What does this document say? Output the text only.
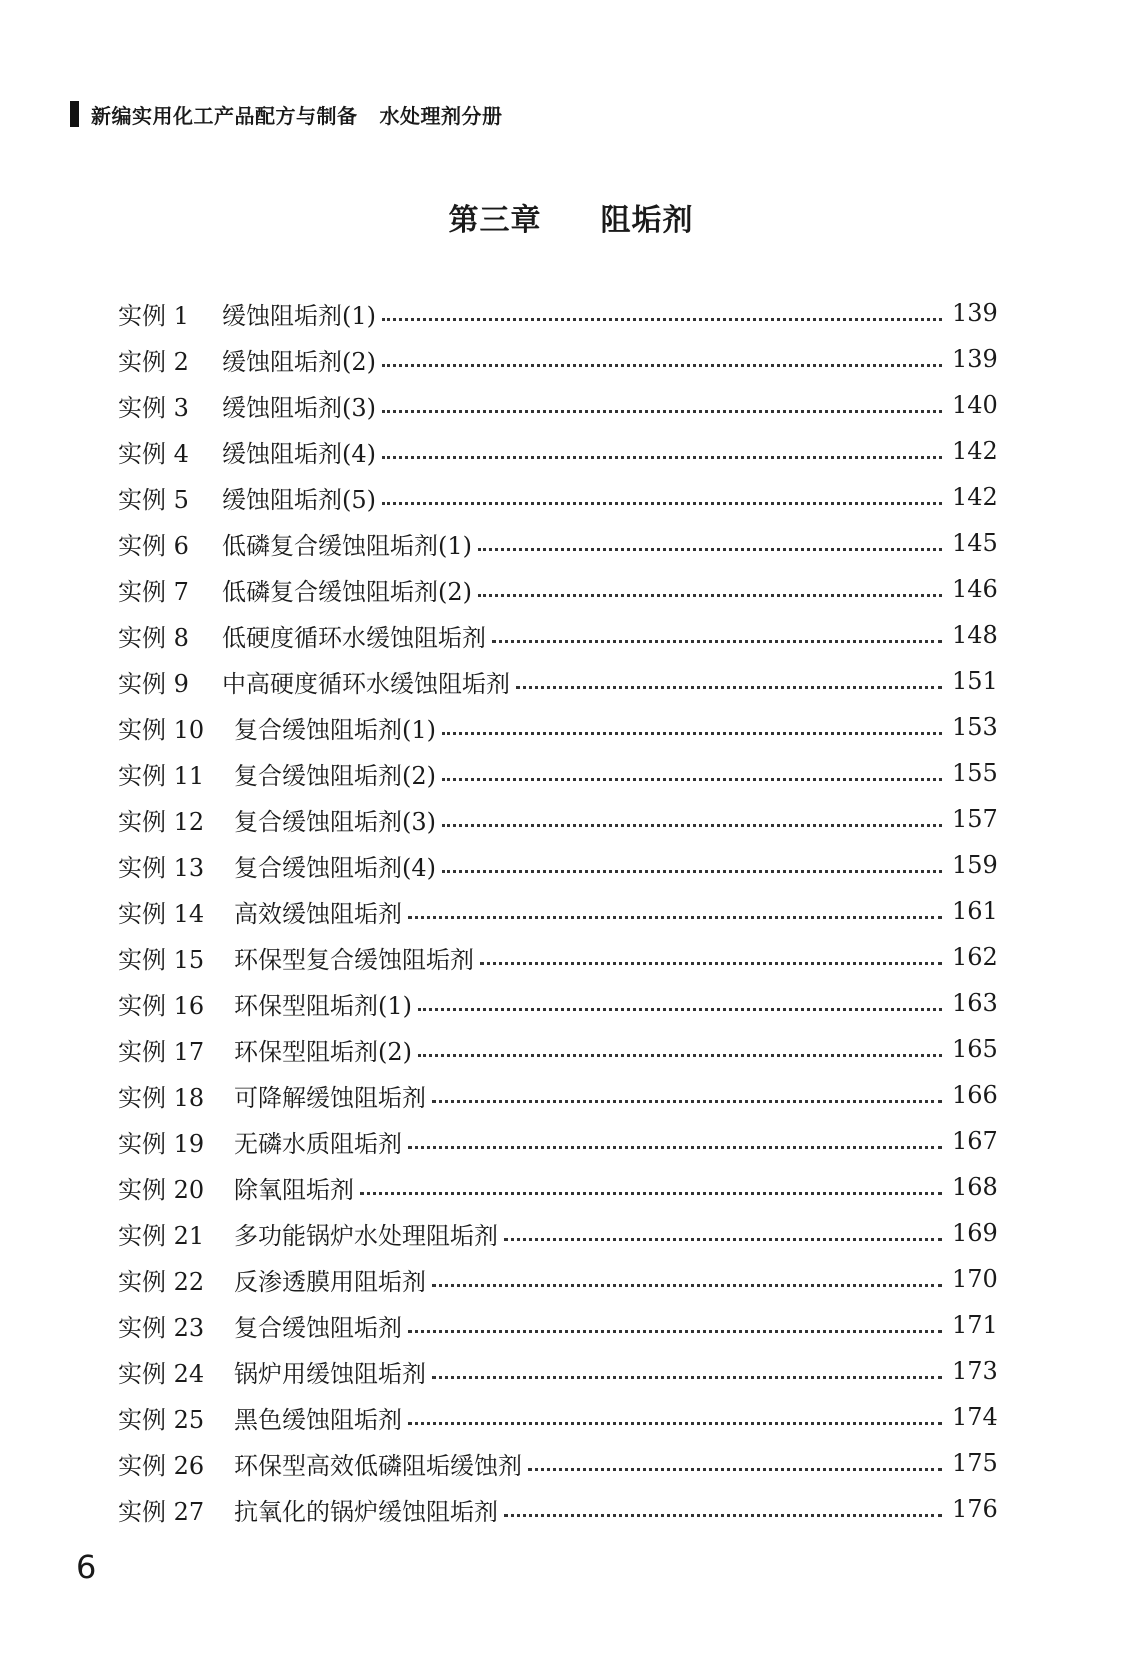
新编实用化工产品配方与制备 水处理剂分册
第三章 阻垢剂
实例 1	缓蚀阻垢剂(1)	139
实例 2	缓蚀阻垢剂(2)	139
实例 3	缓蚀阻垢剂(3)	140
实例 4	缓蚀阻垢剂(4)	142
实例 5	缓蚀阻垢剂(5)	142
实例 6	低磷复合缓蚀阻垢剂(1)	145
实例 7	低磷复合缓蚀阻垢剂(2)	146
实例 8	低硬度循环水缓蚀阻垢剂	148
实例 9	中高硬度循环水缓蚀阻垢剂	151
实例 10	复合缓蚀阻垢剂(1)	153
实例 11	复合缓蚀阻垢剂(2)	155
实例 12	复合缓蚀阻垢剂(3)	157
实例 13	复合缓蚀阻垢剂(4)	159
实例 14	高效缓蚀阻垢剂	161
实例 15	环保型复合缓蚀阻垢剂	162
实例 16	环保型阻垢剂(1)	163
实例 17	环保型阻垢剂(2)	165
实例 18	可降解缓蚀阻垢剂	166
实例 19	无磷水质阻垢剂	167
实例 20	除氧阻垢剂	168
实例 21	多功能锅炉水处理阻垢剂	169
实例 22	反渗透膜用阻垢剂	170
实例 23	复合缓蚀阻垢剂	171
实例 24	锅炉用缓蚀阻垢剂	173
实例 25	黑色缓蚀阻垢剂	174
实例 26	环保型高效低磷阻垢缓蚀剂	175
实例 27	抗氧化的锅炉缓蚀阻垢剂	176
6
